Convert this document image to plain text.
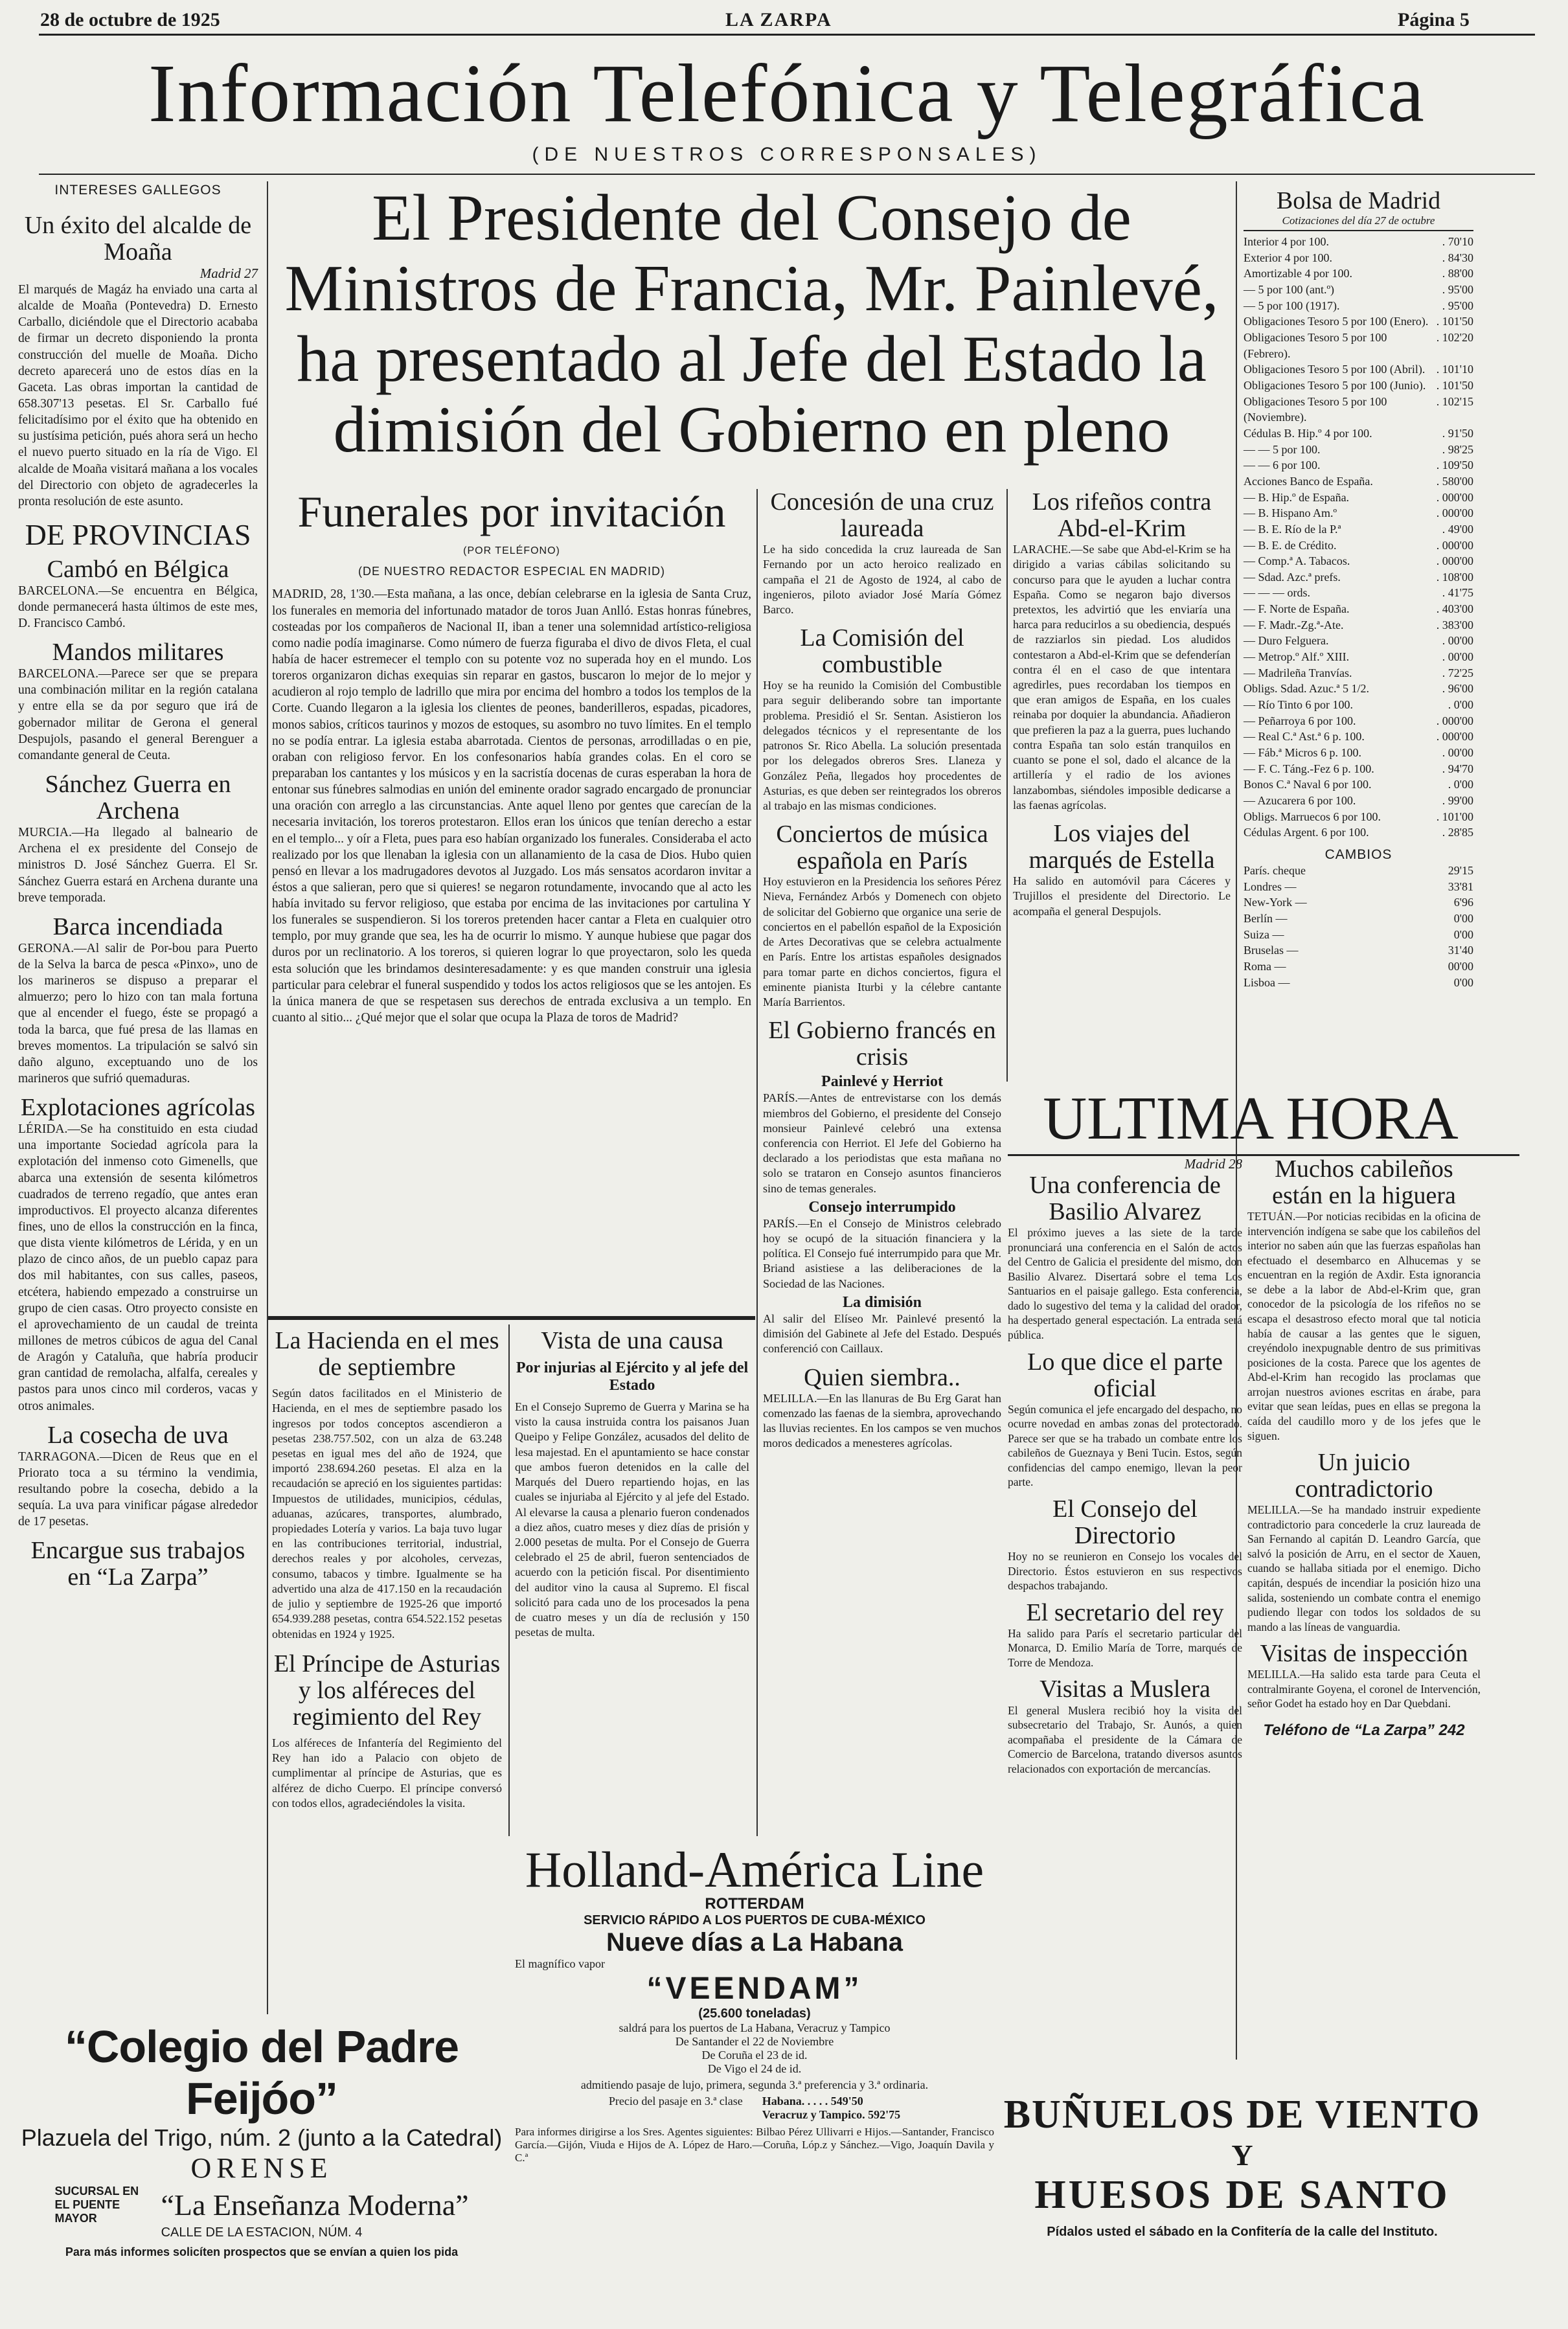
28 de octubre de 1925	LA ZARPA	Página 5
Información Telefónica y Telegráfica
(DE NUESTROS CORRESPONSALES)
INTERESES GALLEGOS
Un éxito del alcalde de Moaña
Madrid 27
El marqués de Magáz ha enviado una carta al alcalde de Moaña (Pontevedra) D. Ernesto Carballo, diciéndole que el Directorio acababa de firmar un decreto disponiendo la pronta construcción del muelle de Moaña. Dicho decreto aparecerá uno de estos días en la Gaceta. Las obras importan la cantidad de 658.307'13 pesetas. El Sr. Carballo fué felicitadísimo por el éxito que ha obtenido en su justísima petición, pués ahora será un hecho el nuevo puerto situado en la ría de Vigo. El alcalde de Moaña visitará mañana a los vocales del Directorio con objeto de agradecerles la pronta resolución de este asunto.
DE PROVINCIAS
Cambó en Bélgica
BARCELONA.—Se encuentra en Bélgica, donde permanecerá hasta últimos de este mes, D. Francisco Cambó.
Mandos militares
BARCELONA.—Parece ser que se prepara una combinación militar en la región catalana y entre ella se da por seguro que irá de gobernador militar de Gerona el general Despujols, pasando el general Berenguer a comandante general de Ceuta.
Sánchez Guerra en Archena
MURCIA.—Ha llegado al balneario de Archena el ex presidente del Consejo de ministros D. José Sánchez Guerra. El Sr. Sánchez Guerra estará en Archena durante una breve temporada.
Barca incendiada
GERONA.—Al salir de Por-bou para Puerto de la Selva la barca de pesca «Pinxo», uno de los marineros se dispuso a preparar el almuerzo; pero lo hizo con tan mala fortuna que al encender el fuego, éste se propagó a toda la barca, que fué presa de las llamas en breves momentos. La tripulación se salvó sin daño alguno, exceptuando uno de los marineros que sufrió quemaduras.
Explotaciones agrícolas
LÉRIDA.—Se ha constituido en esta ciudad una importante Sociedad agrícola para la explotación del inmenso coto Gimenells, que abarca una extensión de sesenta kilómetros cuadrados de terreno regadío, que antes eran improductivos. El proyecto alcanza diferentes fines, uno de ellos la construcción en la finca, que dista viente kilómetros de Lérida, y en un plazo de cinco años, de un pueblo capaz para dos mil habitantes, con sus calles, paseos, etcétera, habiendo empezado a construirse un grupo de cien casas. Otro proyecto consiste en el aprovechamiento de un caudal de treinta millones de metros cúbicos de agua del Canal de Aragón y Cataluña, que habría producir gran cantidad de remolacha, alfalfa, cereales y pastos para unos cinco mil corderos, vacas y otros animales.
La cosecha de uva
TARRAGONA.—Dicen de Reus que en el Priorato toca a su término la vendimia, resultando pobre la cosecha, debido a la sequía. La uva para vinificar págase alrededor de 17 pesetas.
Encargue sus trabajos en “La Zarpa”
El Presidente del Consejo de Ministros de Francia, Mr. Painlevé, ha presentado al Jefe del Estado la dimisión del Gobierno en pleno
Funerales por invitación
(POR TELÉFONO)
(DE NUESTRO REDACTOR ESPECIAL EN MADRID)
MADRID, 28, 1'30.—Esta mañana, a las once, debían celebrarse en la iglesia de Santa Cruz, los funerales en memoria del infortunado matador de toros Juan Anlló. Estas honras fúnebres, costeadas por los compañeros de Nacional II, iban a tener una solemnidad artístico-religiosa como nadie podía imaginarse. Como número de fuerza figuraba el divo de divos Fleta, el cual había de hacer estremecer el templo con su potente voz no superada hoy en el mundo. Los toreros organizaron dichas exequias sin reparar en gastos, buscaron lo mejor de lo mejor y acudieron al rojo templo de ladrillo que mira por encima del hombro a todos los templos de la Corte. Cuando llegaron a la iglesia los clientes de peones, banderilleros, espadas, picadores, monos sabios, críticos taurinos y mozos de estoques, su asombro no tuvo límites. En el templo no se podía entrar. La iglesia estaba abarrotada. Cientos de personas, arrodilladas o en pie, oraban con religioso fervor. En los confesonarios había grandes colas. En el coro se preparaban los cantantes y los músicos y en la sacristía docenas de curas esperaban la hora de entonar sus fúnebres salmodias en unión del eminente orador sagrado encargado de pronunciar una oración con arreglo a las circunstancias. Ante aquel lleno por gentes que carecían de la necesaria invitación, los toreros protestaron. Ellos eran los únicos que tenían derecho a estar en el templo... y oír a Fleta, pues para eso habían organizado los funerales. Consideraba el acto realizado por los que llenaban la iglesia con un allanamiento de la casa de Dios. Hubo quien pensó en llevar a los madrugadores devotos al Juzgado. Los más sensatos acordaron invitar a éstos a que salieran, pero que si quieres! se negaron rotundamente, invocando que al acto les había invitado su fervor religioso, que estaba por encima de las invitaciones por cartulina Y los funerales se suspendieron. Si los toreros pretenden hacer cantar a Fleta en cualquier otro templo, por muy grande que sea, les ha de ocurrir lo mismo. Y aunque hubiese que pagar dos duros por un reclinatorio. A los toreros, si quieren lograr lo que proyectaron, solo les queda esta solución que les brindamos desinteresadamente: y es que manden construir una iglesia particular para celebrar el funeral suspendido y todos los actos religiosos que se les antojen. Es la única manera de que se respetasen sus derechos de entrada exclusiva a un templo. En cuanto al sitio... ¿Qué mejor que el solar que ocupa la Plaza de toros de Madrid?
La Hacienda en el mes de septiembre
Según datos facilitados en el Ministerio de Hacienda, en el mes de septiembre pasado los ingresos por todos conceptos ascendieron a pesetas 238.757.502, con un alza de 63.248 pesetas en igual mes del año de 1924, que importó 238.694.260 pesetas. El alza en la recaudación se apreció en los siguientes partidas: Impuestos de utilidades, municipios, cédulas, aduanas, azúcares, transportes, alumbrado, propiedades Lotería y varios. La baja tuvo lugar en las contribuciones territorial, industrial, derechos reales y por alcoholes, cervezas, consumo, tabacos y timbre. Igualmente se ha advertido una alza de 417.150 en la recaudación de julio y septiembre de 1925-26 que importó 654.939.288 pesetas, contra 654.522.152 pesetas obtenidas en 1924 y 1925.
El Príncipe de Asturias y los alféreces del regimiento del Rey
Los alféreces de Infantería del Regimiento del Rey han ido a Palacio con objeto de cumplimentar al príncipe de Asturias, que es alférez de dicho Cuerpo. El príncipe conversó con todos ellos, agradeciéndoles la visita.
Vista de una causa
Por injurias al Ejército y al jefe del Estado
En el Consejo Supremo de Guerra y Marina se ha visto la causa instruida contra los paisanos Juan Queipo y Felipe González, acusados del delito de lesa majestad. En el apuntamiento se hace constar que ambos fueron detenidos en la calle del Marqués del Duero repartiendo hojas, en las cuales se injuriaba al Ejército y al jefe del Estado. Al elevarse la causa a plenario fueron condenados a diez años, cuatro meses y diez días de prisión y 2.000 pesetas de multa. Por el Consejo de Guerra celebrado el 25 de abril, fueron sentenciados de acuerdo con la petición fiscal. Por disentimiento del auditor vino la causa al Supremo. El fiscal solicitó para cada uno de los procesados la pena de cuatro meses y un día de reclusión y 150 pesetas de multa.
Concesión de una cruz laureada
Le ha sido concedida la cruz laureada de San Fernando por un acto heroico realizado en campaña el 21 de Agosto de 1924, al cabo de ingenieros, piloto aviador José María Gómez Barco.
La Comisión del combustible
Hoy se ha reunido la Comisión del Combustible para seguir deliberando sobre tan importante problema. Presidió el Sr. Sentan. Asistieron los delegados técnicos y el representante de los patronos Sr. Rico Abella. La solución presentada por los delegados obreros Sres. Llaneza y González Peña, llegados hoy procedentes de Asturias, es que deben ser reintegrados los obreros al trabajo en las mismas condiciones.
Conciertos de música española en París
Hoy estuvieron en la Presidencia los señores Pérez Nieva, Fernández Arbós y Domenech con objeto de solicitar del Gobierno que organice una serie de conciertos en el pabellón español de la Exposición de Artes Decorativas que se celebra actualmente en París. Entre los artistas españoles designados para tomar parte en dichos conciertos, figura el eminente pianista Iturbi y la célebre cantante María Barrientos.
El Gobierno francés en crisis
Painlevé y Herriot
PARÍS.—Antes de entrevistarse con los demás miembros del Gobierno, el presidente del Consejo monsieur Painlevé celebró una extensa conferencia con Herriot. El Jefe del Gobierno ha declarado a los periodistas que esta mañana no solo se trataron en Consejo asuntos financieros sino de temas generales.
Consejo interrumpido
PARÍS.—En el Consejo de Ministros celebrado hoy se ocupó de la situación financiera y la política. El Consejo fué interrumpido para que Mr. Briand asistiese a las deliberaciones de la Sociedad de las Naciones.
La dimisión
Al salir del Elíseo Mr. Painlevé presentó la dimisión del Gabinete al Jefe del Estado. Después conferenció con Caillaux.
Quien siembra..
MELILLA.—En las llanuras de Bu Erg Garat han comenzado las faenas de la siembra, aprovechando las lluvias recientes. En los campos se ven muchos moros dedicados a menesteres agrícolas.
Los rifeños contra Abd-el-Krim
LARACHE.—Se sabe que Abd-el-Krim se ha dirigido a varias cábilas solicitando su concurso para que le ayuden a luchar contra España. Como se negaron bajo diversos pretextos, les advirtió que les enviaría una harca para reducirlos a su obediencia, después de razziarlos sin piedad. Los aludidos contestaron a Abd-el-Krim que se defenderían contra él en el caso de que intentara agredirles, pues recordaban los tiempos en que eran amigos de España, en los cuales reinaba por doquier la abundancia. Añadieron que prefieren la paz a la guerra, pues luchando contra España tan solo están tranquilos en cuanto se pone el sol, dado el alcance de la artillería y el radio de los aviones lanzabombas, siéndoles imposible dedicarse a las faenas agrícolas.
Los viajes del marqués de Estella
Ha salido en automóvil para Cáceres y Trujillos el presidente del Directorio. Le acompaña el general Despujols.
ULTIMA HORA
Madrid 28
Una conferencia de Basilio Alvarez
El próximo jueves a las siete de la tarde pronunciará una conferencia en el Salón de actos del Centro de Galicia el presidente del mismo, don Basilio Alvarez. Disertará sobre el tema Los Santuarios en el paisaje gallego. Esta conferencia, dado lo sugestivo del tema y la calidad del orador, ha despertado general espectación. La entrada será pública.
Lo que dice el parte oficial
Según comunica el jefe encargado del despacho, no ocurre novedad en ambas zonas del protectorado. Parece ser que se ha trabado un combate entre los cabileños de Gueznaya y Beni Tucin. Estos, según confidencias del campo enemigo, llevan la peor parte.
El Consejo del Directorio
Hoy no se reunieron en Consejo los vocales del Directorio. Éstos estuvieron en sus respectivos despachos trabajando.
El secretario del rey
Ha salido para París el secretario particular del Monarca, D. Emilio María de Torre, marqués de Torre de Mendoza.
Visitas a Muslera
El general Muslera recibió hoy la visita del subsecretario del Trabajo, Sr. Aunós, a quien acompañaba el presidente de la Cámara de Comercio de Barcelona, tratando diversos asuntos relacionados con exportación de mercancías.
Bolsa de Madrid
Cotizaciones del día 27 de octubre
Interior 4 por 100.	. 70'10
Exterior 4 por 100.	. 84'30
Amortizable 4 por 100.	. 88'00
— 5 por 100 (ant.º)	. 95'00
— 5 por 100 (1917).	. 95'00
Obligaciones Tesoro 5 por 100 (Enero). . 101'50
Obligaciones Tesoro 5 por 100 (Febrero).
. 102'20
Obligaciones Tesoro 5 por 100 (Abril). . 101'10
Obligaciones Tesoro 5 por 100 (Junio). . 101'50
Obligaciones Tesoro 5 por 100 (Noviembre).
. 102'15
Cédulas B. Hip.º 4 por 100.	. 91'50
— — 5 por 100.	. 98'25
— — 6 por 100.	. 109'50
Acciones Banco de España.	. 580'00
— B. Hip.º de España.	. 000'00
— B. Hispano Am.º	. 000'00
— B. E. Río de la P.ª	. 49'00
— B. E. de Crédito.	. 000'00
— Comp.ª A. Tabacos.	. 000'00
— Sdad. Azc.ª prefs.	. 108'00
— — — ords.	. 41'75
— F. Norte de España.	. 403'00
— F. Madr.-Zg.ª-Ate.	. 383'00
— Duro Felguera.	. 00'00
— Metrop.º Alf.º XIII.	. 00'00
— Madrileña Tranvías.	. 72'25
Obligs. Sdad. Azuc.ª 5 1/2.	. 96'00
— Río Tinto 6 por 100.	. 0'00
— Peñarroya 6 por 100.	. 000'00
— Real C.ª Ast.ª 6 p. 100.	. 000'00
— Fáb.ª Micros 6 p. 100.	. 00'00
— F. C. Táng.-Fez 6 p. 100.	. 94'70
Bonos C.ª Naval 6 por 100.	. 0'00
— Azucarera 6 por 100.	. 99'00
Obligs. Marruecos 6 por 100.	. 101'00
Cédulas Argent. 6 por 100.	. 28'85
CAMBIOS
París. cheque	29'15
Londres —	33'81
New-York —	6'96
Berlín —	0'00
Suiza —	0'00
Bruselas —	31'40
Roma —	00'00
Lisboa —	0'00
Muchos cabileños están en la higuera
TETUÁN.—Por noticias recibidas en la oficina de intervención indígena se sabe que los cabileños del interior no saben aún que las fuerzas españolas han efectuado el desembarco en Alhucemas y se encuentran en la región de Axdir. Esta ignorancia se debe a la labor de Abd-el-Krim que, gran conocedor de la psicología de los rifeños no se escapa el desastroso efecto moral que tal noticia había de causar a las gentes que le siguen, creyéndolo inexpugnable dentro de sus primitivas posiciones de la costa. Parece que los agentes de Abd-el-Krim han recogido las proclamas que arrojan nuestros aviones escritas en árabe, para evitar que sean leídas, pues en ellas se pregona la caída del caudillo moro y de los jefes que le siguen.
Un juicio contradictorio
MELILLA.—Se ha mandado instruir expediente contradictorio para concederle la cruz laureada de San Fernando al capitán D. Leandro García, que salvó la posición de Arru, en el sector de Xauen, cuando se hallaba sitiada por el enemigo. Dicho capitán, después de incendiar la posición hizo una salida, sosteniendo un combate contra el enemigo pudiendo llegar con todos los soldados de su mando a las líneas de vanguardia.
Visitas de inspección
MELILLA.—Ha salido esta tarde para Ceuta el contralmirante Goyena, el coronel de Intervención, señor Godet ha estado hoy en Dar Quebdani.
Teléfono de “La Zarpa” 242
“Colegio del Padre Feijóo”
Plazuela del Trigo, núm. 2 (junto a la Catedral)
ORENSE
SUCURSAL EN EL PUENTE MAYOR	“La Enseñanza Moderna”
CALLE DE LA ESTACION, NÚM. 4
Para más informes solicíten prospectos que se envían a quien los pida
Holland-América Line
ROTTERDAM
SERVICIO RÁPIDO A LOS PUERTOS DE CUBA-MÉXICO
Nueve días a La Habana
El magnífico vapor
“VEENDAM”
(25.600 toneladas)
saldrá para los puertos de La Habana, Veracruz y Tampico
De Santander el 22 de Noviembre
De Coruña el 23 de id.
De Vigo el 24 de id.
admitiendo pasaje de lujo, primera, segunda 3.ª preferencia y 3.ª ordinaria.
Precio del pasaje en 3.ª clase Habana. . . . . 549'50
Veracruz y Tampico. 592'75
Para informes dirigirse a los Sres. Agentes siguientes: Bilbao Pérez Ullivarri e Hijos.—Santander, Francisco García.—Gijón, Viuda e Hijos de A. López de Haro.—Coruña, Lóp.z y Sánchez.—Vigo, Joaquín Davila y C.ª
BUÑUELOS DE VIENTO
Y
HUESOS DE SANTO
Pídalos usted el sábado en la Confitería de la calle del Instituto.
